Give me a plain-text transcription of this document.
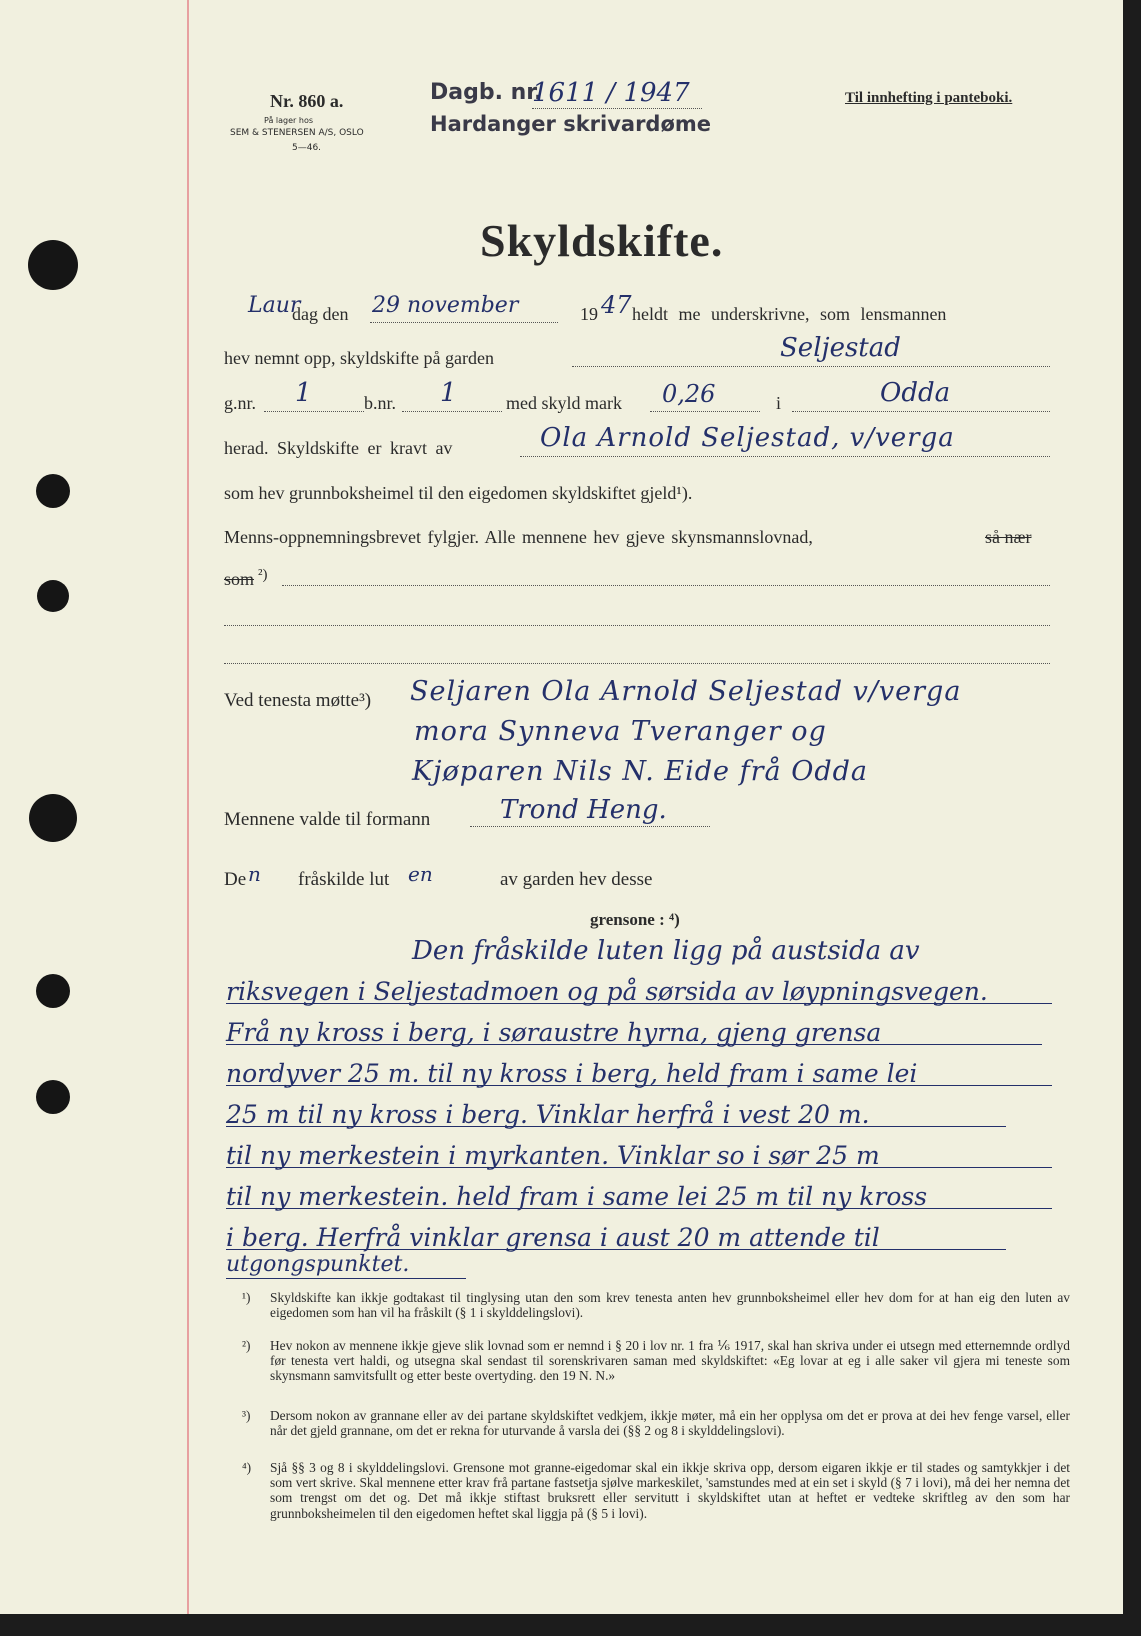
Nr. 860 a.
På lager hos
SEM & STENERSEN A/S, OSLO
5—46.
Dagb. nr.
1611 / 1947
Hardanger skrivardøme
Til innhefting i panteboki.
Skyldskifte.
Laur
dag den 29 november	19 47 heldt me underskrivne, som lensmannen
hev nemnt opp, skyldskifte på garden	Seljestad
g.nr. 1	b.nr. 1	med skyld mark 0,26	i	Odda
herad. Skyldskifte er kravt av	Ola Arnold Seljestad, v/verga
som hev grunnboksheimel til den eigedomen skyldskiftet gjeld¹).
Menns-oppnemningsbrevet fylgjer. Alle mennene hev gjeve skynsmannslovnad,	så nær
som ²)
Ved tenesta møtte³) Seljaren Ola Arnold Seljestad v/verga
mora Synneva Tveranger og
Kjøparen Nils N. Eide frå Odda
Mennene valde til formann	Trond Heng.
De n fråskilde lut en	av garden hev desse
grensone : ⁴)
Den fråskilde luten ligg på austsida av
riksvegen i Seljestadmoen og på sørsida av løypningsvegen.
Frå ny kross i berg, i søraustre hyrna, gjeng grensa
nordyver 25 m. til ny kross i berg, held fram i same lei
25 m til ny kross i berg. Vinklar herfrå i vest 20 m.
til ny merkestein i myrkanten. Vinklar so i sør 25 m
til ny merkestein. held fram i same lei 25 m til ny kross
i berg. Herfrå vinklar grensa i aust 20 m attende til
utgongspunktet.
¹) Skyldskifte kan ikkje godtakast til tinglysing utan den som krev tenesta anten hev grunnboksheimel eller hev dom for at han eig den luten av eigedomen som han vil ha fråskilt (§ 1 i skylddelingslovi).
²) Hev nokon av mennene ikkje gjeve slik lovnad som er nemnd i § 20 i lov nr. 1 fra ⅙ 1917, skal han skriva under ei utsegn med etternemnde ordlyd før tenesta vert haldi, og utsegna skal sendast til sorenskrivaren saman med skyldskiftet: «Eg lovar at eg i alle saker vil gjera mi teneste som skynsmann samvitsfullt og etter beste overtyding. den 19 N. N.»
³) Dersom nokon av grannane eller av dei partane skyldskiftet vedkjem, ikkje møter, må ein her opplysa om det er prova at dei hev fenge varsel, eller når det gjeld grannane, om det er rekna for uturvande å varsla dei (§§ 2 og 8 i skylddelingslovi).
⁴) Sjå §§ 3 og 8 i skylddelingslovi. Grensone mot granne-eigedomar skal ein ikkje skriva opp, dersom eigaren ikkje er til stades og samtykkjer i det som vert skrive. Skal mennene etter krav frå partane fastsetja sjølve markeskilet, 'samstundes med at ein set i skyld (§ 7 i lovi), må dei her nemna det som trengst om det og. Det må ikkje stiftast bruksrett eller servitutt i skyldskiftet utan at heftet er vedteke skriftleg av den som har grunnboksheimelen til den eigedomen heftet skal liggja på (§ 5 i lovi).
